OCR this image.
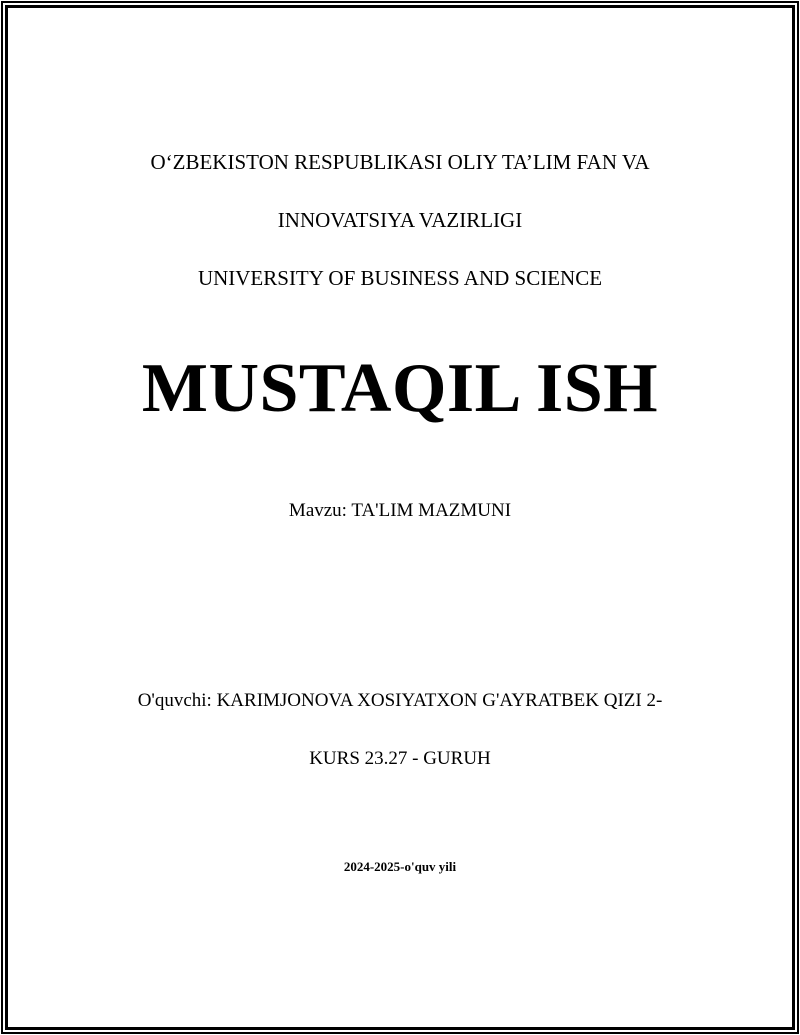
O‘ZBEKISTON RESPUBLIKASI OLIY TA’LIM FAN VA

INNOVATSIYA VAZIRLIGI

UNIVERSITY OF BUSINESS AND SCIENCE

MUSTAQIL ISH
Mavzu: TA'LIM MAZMUNI

O'quvchi: KARIMJONOVA XOSIYATXON G'AYRATBEK QIZI 2-

KURS 23.27 - GURUH

2024-2025-o'quv yili
